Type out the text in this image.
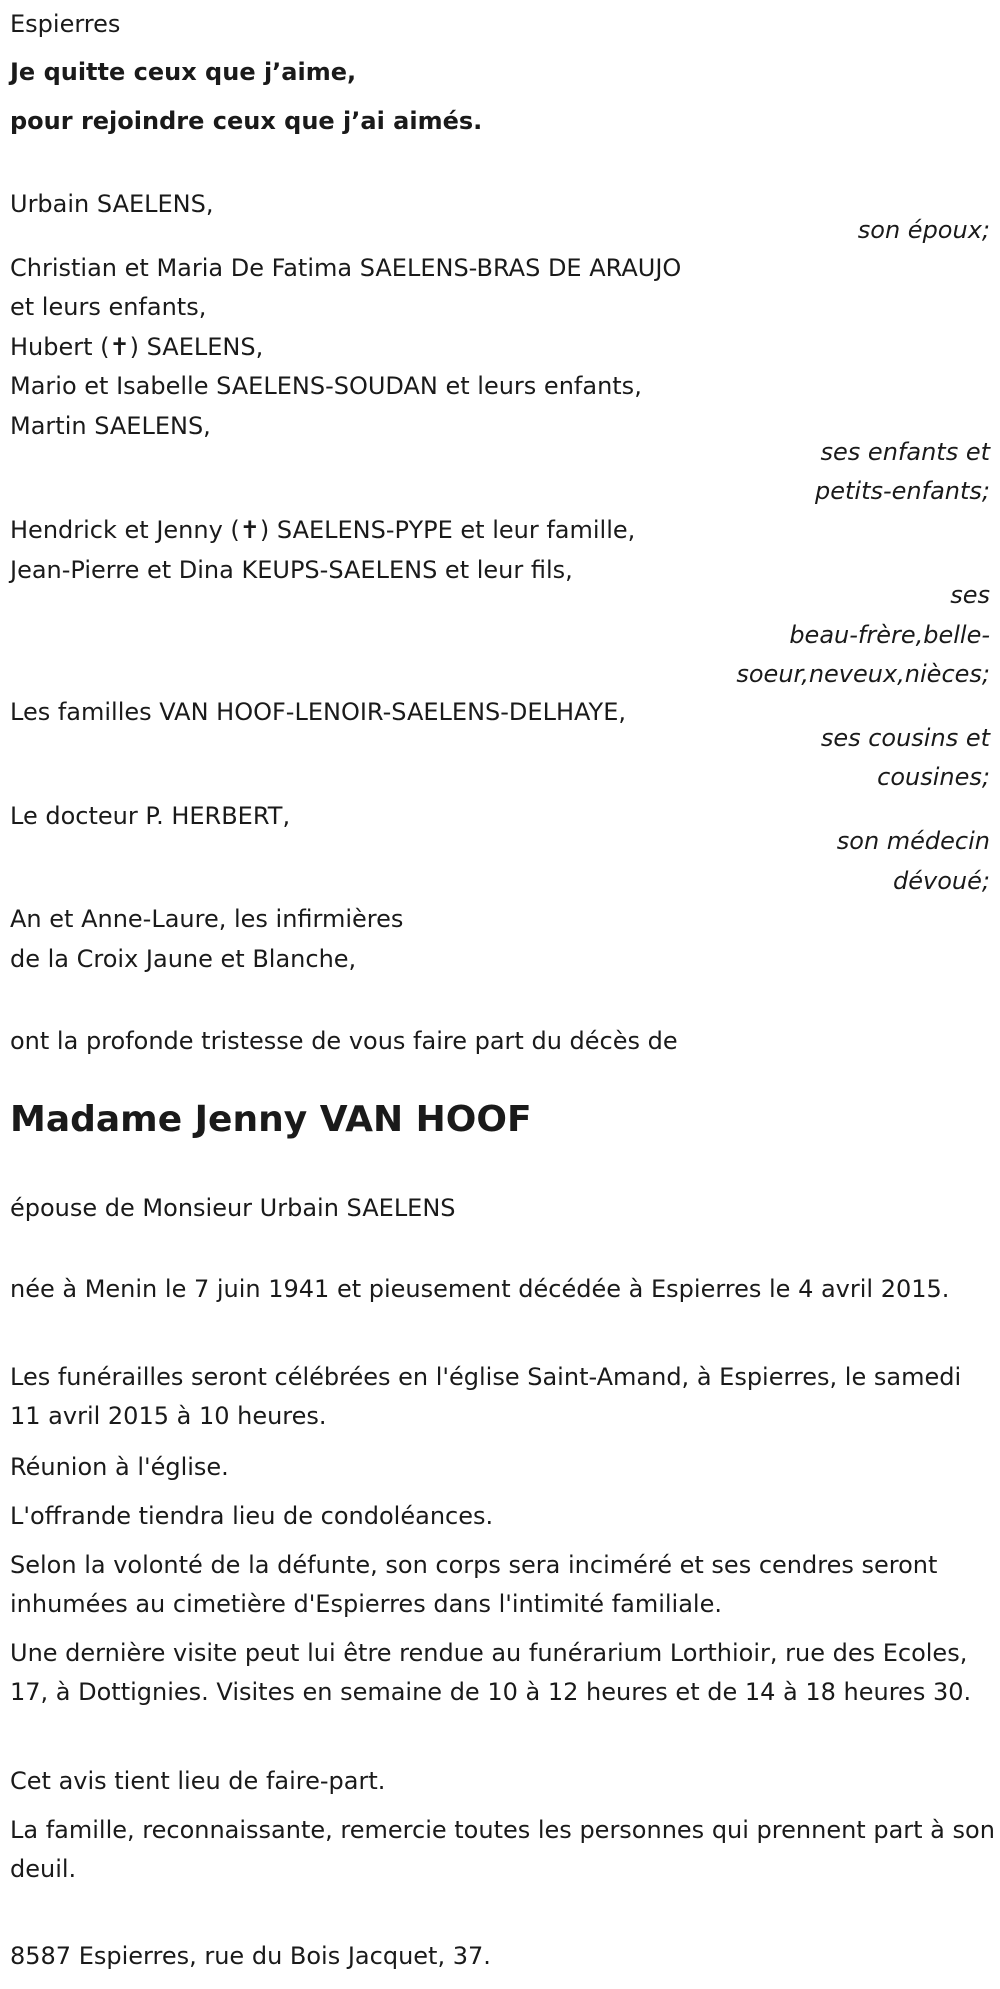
Espierres
Je quitte ceux que j’aime,
pour rejoindre ceux que j’ai aimés.
Urbain SAELENS,
son époux;
Christian et Maria De Fatima SAELENS-BRAS DE ARAUJO
et leurs enfants,
Hubert (✝) SAELENS,
Mario et Isabelle SAELENS-SOUDAN et leurs enfants,
Martin SAELENS,
ses enfants et
petits-enfants;
Hendrick et Jenny (✝) SAELENS-PYPE et leur famille,
Jean-Pierre et Dina KEUPS-SAELENS et leur fils,
ses
beau-frère,belle-
soeur,neveux,nièces;
Les familles VAN HOOF-LENOIR-SAELENS-DELHAYE,
ses cousins et
cousines;
Le docteur P. HERBERT,
son médecin
dévoué;
An et Anne-Laure, les infirmières
de la Croix Jaune et Blanche,
ont la profonde tristesse de vous faire part du décès de
Madame Jenny VAN HOOF
épouse de Monsieur Urbain SAELENS
née à Menin le 7 juin 1941 et pieusement décédée à Espierres le 4 avril 2015.
Les funérailles seront célébrées en l'église Saint-Amand, à Espierres, le samedi 11 avril 2015 à 10 heures.
Réunion à l'église.
L'offrande tiendra lieu de condoléances.
Selon la volonté de la défunte, son corps sera inciméré et ses cendres seront inhumées au cimetière d'Espierres dans l'intimité familiale.
Une dernière visite peut lui être rendue au funérarium Lorthioir, rue des Ecoles, 17, à Dottignies. Visites en semaine de 10 à 12 heures et de 14 à 18 heures 30.
Cet avis tient lieu de faire-part.
La famille, reconnaissante, remercie toutes les personnes qui prennent part à son deuil.
8587 Espierres, rue du Bois Jacquet, 37.
